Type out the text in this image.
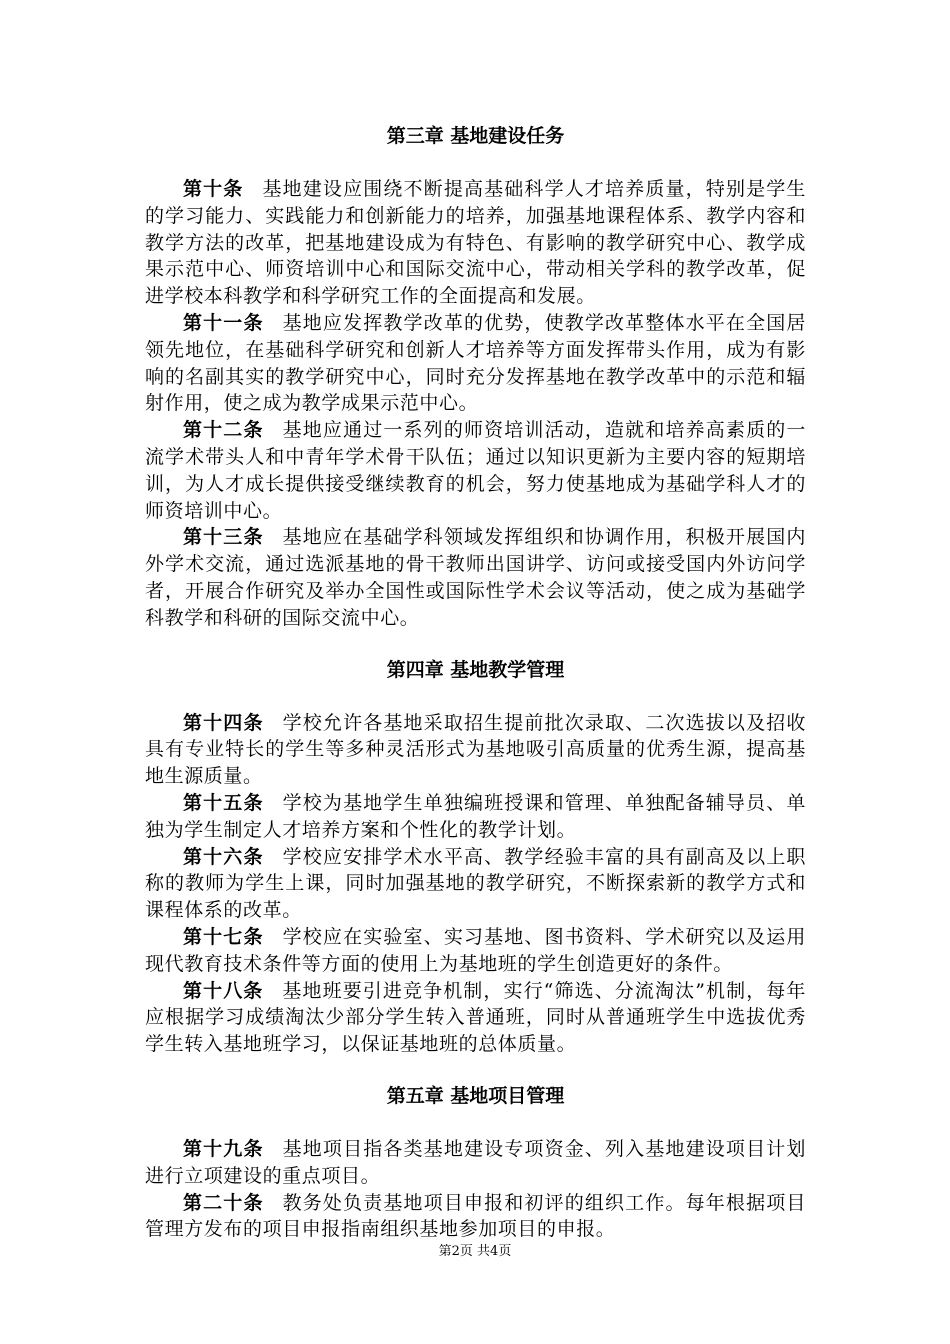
第三章 基地建设任务

第十条 基地建设应围绕不断提高基础科学人才培养质量，特别是学生的学习能力、实践能力和创新能力的培养，加强基地课程体系、教学内容和教学方法的改革，把基地建设成为有特色、有影响的教学研究中心、教学成果示范中心、师资培训中心和国际交流中心，带动相关学科的教学改革，促进学校本科教学和科学研究工作的全面提高和发展。

第十一条 基地应发挥教学改革的优势，使教学改革整体水平在全国居领先地位，在基础科学研究和创新人才培养等方面发挥带头作用，成为有影响的名副其实的教学研究中心，同时充分发挥基地在教学改革中的示范和辐射作用，使之成为教学成果示范中心。

第十二条 基地应通过一系列的师资培训活动，造就和培养高素质的一流学术带头人和中青年学术骨干队伍；通过以知识更新为主要内容的短期培训，为人才成长提供接受继续教育的机会，努力使基地成为基础学科人才的师资培训中心。

第十三条 基地应在基础学科领域发挥组织和协调作用，积极开展国内外学术交流，通过选派基地的骨干教师出国讲学、访问或接受国内外访问学者，开展合作研究及举办全国性或国际性学术会议等活动，使之成为基础学科教学和科研的国际交流中心。

第四章 基地教学管理

第十四条 学校允许各基地采取招生提前批次录取、二次选拔以及招收具有专业特长的学生等多种灵活形式为基地吸引高质量的优秀生源，提高基地生源质量。

第十五条 学校为基地学生单独编班授课和管理、单独配备辅导员、单独为学生制定人才培养方案和个性化的教学计划。

第十六条 学校应安排学术水平高、教学经验丰富的具有副高及以上职称的教师为学生上课，同时加强基地的教学研究，不断探索新的教学方式和课程体系的改革。

第十七条 学校应在实验室、实习基地、图书资料、学术研究以及运用现代教育技术条件等方面的使用上为基地班的学生创造更好的条件。

第十八条 基地班要引进竞争机制，实行“筛选、分流淘汰”机制，每年应根据学习成绩淘汰少部分学生转入普通班，同时从普通班学生中选拔优秀学生转入基地班学习，以保证基地班的总体质量。

第五章 基地项目管理

第十九条 基地项目指各类基地建设专项资金、列入基地建设项目计划进行立项建设的重点项目。

第二十条 教务处负责基地项目申报和初评的组织工作。每年根据项目管理方发布的项目申报指南组织基地参加项目的申报。

第2页 共4页
